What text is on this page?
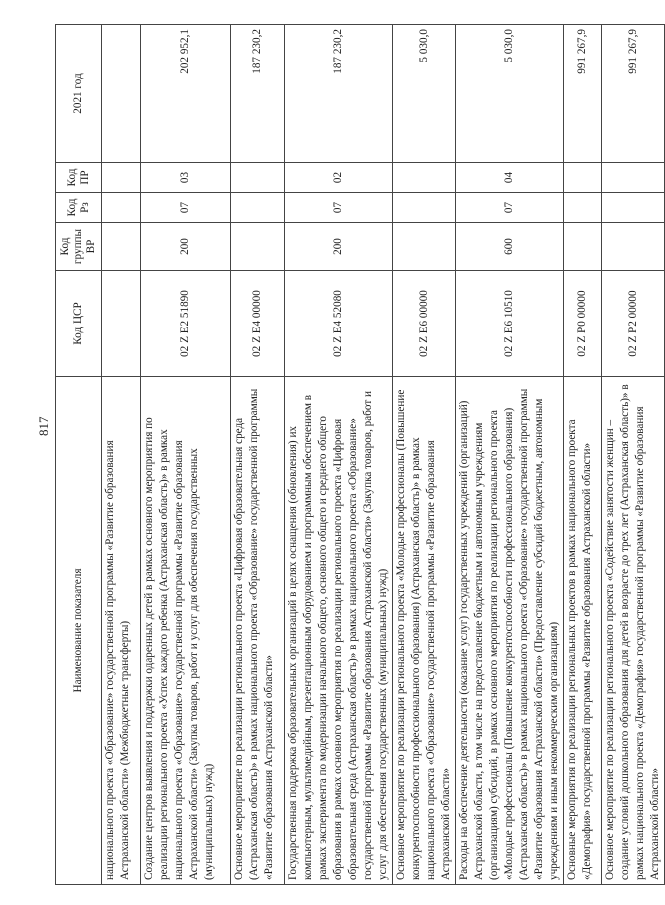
817
Наименование показателя	Код ЦСР	Код группы ВР	Код Рз	Код ПР	2021 год
национального проекта «Образование» государственной программы «Развитие образования Астраханской области» (Межбюджетные трансферты)					
Создание центров выявления и поддержки одаренных детей в рамках основного мероприятия по реализации регионального проекта «Успех каждого ребенка (Астраханская область)» в рамках национального проекта «Образование» государственной программы «Развитие образования Астраханской области» (Закупка товаров, работ и услуг для обеспечения государственных (муниципальных) нужд)	02 Z E2 51890	200	07	03	202 952,1
Основное мероприятие по реализации регионального проекта «Цифровая образовательная среда (Астраханская область)» в рамках национального проекта «Образование» государственной программы «Развитие образования Астраханской области»	02 Z E4 00000				187 230,2
Государственная поддержка образовательных организаций в целях оснащения (обновления) их компьютерным, мультимедийным, презентационным оборудованием и программным обеспечением в рамках эксперимента по модернизации начального общего, основного общего и среднего общего образования в рамках основного мероприятия по реализации регионального проекта «Цифровая образовательная среда (Астраханская область)» в рамках национального проекта «Образование» государственной программы «Развитие образования Астраханской области» (Закупка товаров, работ и услуг для обеспечения государственных (муниципальных) нужд)	02 Z E4 52080	200	07	02	187 230,2
Основное мероприятие по реализации регионального проекта «Молодые профессионалы (Повышение конкурентоспособности профессионального образования) (Астраханская область)» в рамках национального проекта «Образование» государственной программы «Развитие образования Астраханской области»	02 Z E6 00000				5 030,0
Расходы на обеспечение деятельности (оказание услуг) государственных учреждений (организаций) Астраханской области, в том числе на предоставление бюджетным и автономным учреждениям (организациям) субсидий, в рамках основного мероприятия по реализации регионального проекта «Молодые профессионалы (Повышение конкурентоспособности профессионального образования) (Астраханская область)» в рамках национального проекта «Образование» государственной программы «Развитие образования Астраханской области» (Предоставление субсидий бюджетным, автономным учреждениям и иным некоммерческим организациям)	02 Z E6 10510	600	07	04	5 030,0
Основные мероприятия по реализации региональных проектов в рамках национального проекта «Демография» государственной программы «Развитие образования Астраханской области»	02 Z P0 00000				991 267,9
Основное мероприятие по реализации регионального проекта «Содействие занятости женщин – создание условий дошкольного образования для детей в возрасте до трех лет (Астраханская область)» в рамках национального проекта «Демография» государственной программы «Развитие образования Астраханской области»	02 Z P2 00000				991 267,9
